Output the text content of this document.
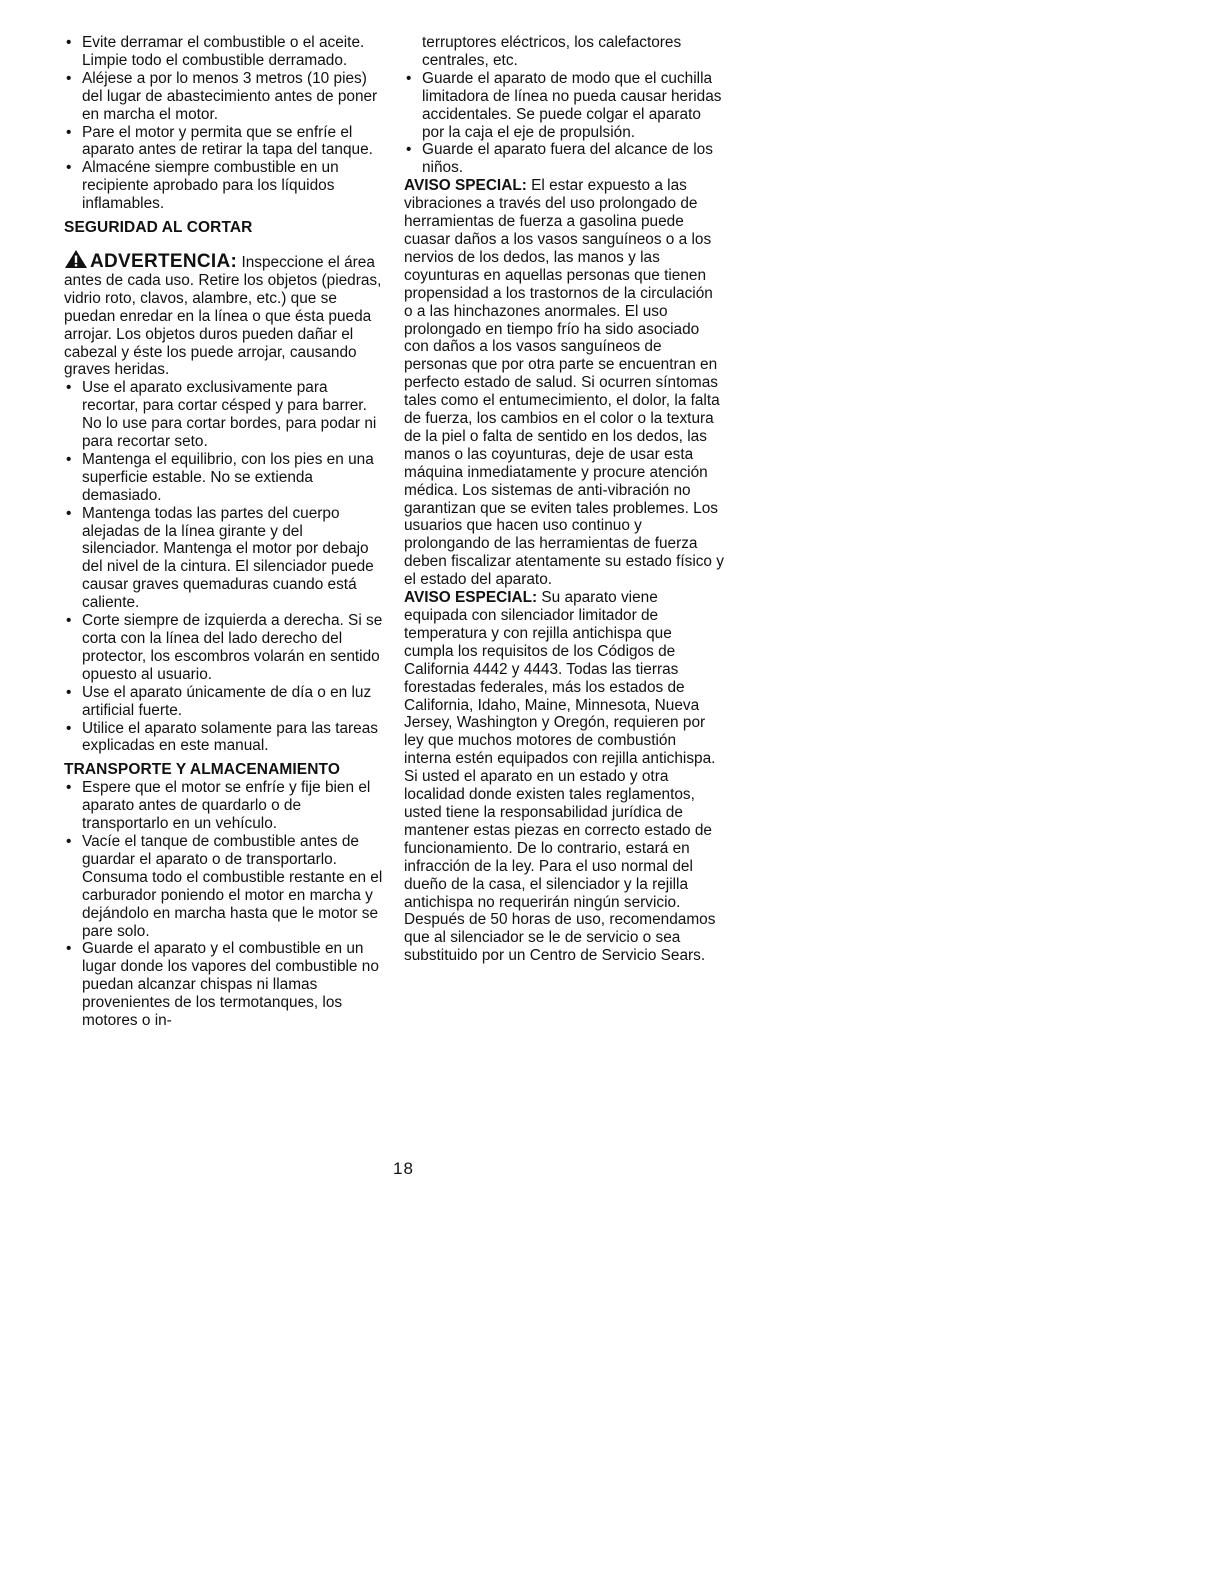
• Evite derramar el combustible o el aceite. Limpie todo el combustible derramado.

• Aléjese a por lo menos 3 metros (10 pies) del lugar de abastecimiento antes de poner en marcha el motor.

• Pare el motor y permita que se enfríe el aparato antes de retirar la tapa del tanque.

• Almacéne siempre combustible en un recipiente aprobado para los líquidos inflamables.

SEGURIDAD AL CORTAR

ADVERTENCIA: Inspeccione el área antes de cada uso. Retire los objetos (piedras, vidrio roto, clavos, alambre, etc.) que se puedan enredar en la línea o que ésta pueda arrojar. Los objetos duros pueden dañar el cabezal y éste los puede arrojar, causando graves heridas.

• Use el aparato exclusivamente para recortar, para cortar césped y para barrer. No lo use para cortar bordes, para podar ni para recortar seto.

• Mantenga el equilibrio, con los pies en una superficie estable. No se extienda demasiado.

• Mantenga todas las partes del cuerpo alejadas de la línea girante y del silenciador. Mantenga el motor por debajo del nivel de la cintura. El silenciador puede causar graves quemaduras cuando está caliente.

• Corte siempre de izquierda a derecha. Si se corta con la línea del lado derecho del protector, los escombros volarán en sentido opuesto al usuario.

• Use el aparato únicamente de día o en luz artificial fuerte.

• Utilice el aparato solamente para las tareas explicadas en este manual.

TRANSPORTE Y ALMACENAMIENTO

• Espere que el motor se enfríe y fije bien el aparato antes de quardarlo o de transportarlo en un vehículo.

• Vacíe el tanque de combustible antes de guardar el aparato o de transportarlo. Consuma todo el combustible restante en el carburador poniendo el motor en marcha y dejándolo en marcha hasta que le motor se pare solo.

• Guarde el aparato y el combustible en un lugar donde los vapores del combustible no puedan alcanzar chispas ni llamas provenientes de los termotanques, los motores o in-

terruptores eléctricos, los calefactores centrales, etc.

• Guarde el aparato de modo que el cuchilla limitadora de línea no pueda causar heridas accidentales. Se puede colgar el aparato por la caja el eje de propulsión.

• Guarde el aparato fuera del alcance de los niños.

AVISO SPECIAL: El estar expuesto a las vibraciones a través del uso prolongado de herramientas de fuerza a gasolina puede cuasar daños a los vasos sanguíneos o a los nervios de los dedos, las manos y las coyunturas en aquellas personas que tienen propensidad a los trastornos de la circulación o a las hinchazones anormales. El uso prolongado en tiempo frío ha sido asociado con daños a los vasos sanguíneos de personas que por otra parte se encuentran en perfecto estado de salud. Si ocurren síntomas tales como el entumecimiento, el dolor, la falta de fuerza, los cambios en el color o la textura de la piel o falta de sentido en los dedos, las manos o las coyunturas, deje de usar esta máquina inmediatamente y procure atención médica. Los sistemas de anti-vibración no garantizan que se eviten tales problemes. Los usuarios que hacen uso continuo y prolongando de las herramientas de fuerza deben fiscalizar atentamente su estado físico y el estado del aparato.

AVISO ESPECIAL: Su aparato viene equipada con silenciador limitador de temperatura y con rejilla antichispa que cumpla los requisitos de los Códigos de California 4442 y 4443. Todas las tierras forestadas federales, más los estados de California, Idaho, Maine, Minnesota, Nueva Jersey, Washington y Oregón, requieren por ley que muchos motores de combustión interna estén equipados con rejilla antichispa. Si usted el aparato en un estado y otra localidad donde existen tales reglamentos, usted tiene la responsabilidad jurídica de mantener estas piezas en correcto estado de funcionamiento. De lo contrario, estará en infracción de la ley. Para el uso normal del dueño de la casa, el silenciador y la rejilla antichispa no requerirán ningún servicio. Después de 50 horas de uso, recomendamos que al silenciador se le de servicio o sea substituido por un Centro de Servicio Sears.

18
